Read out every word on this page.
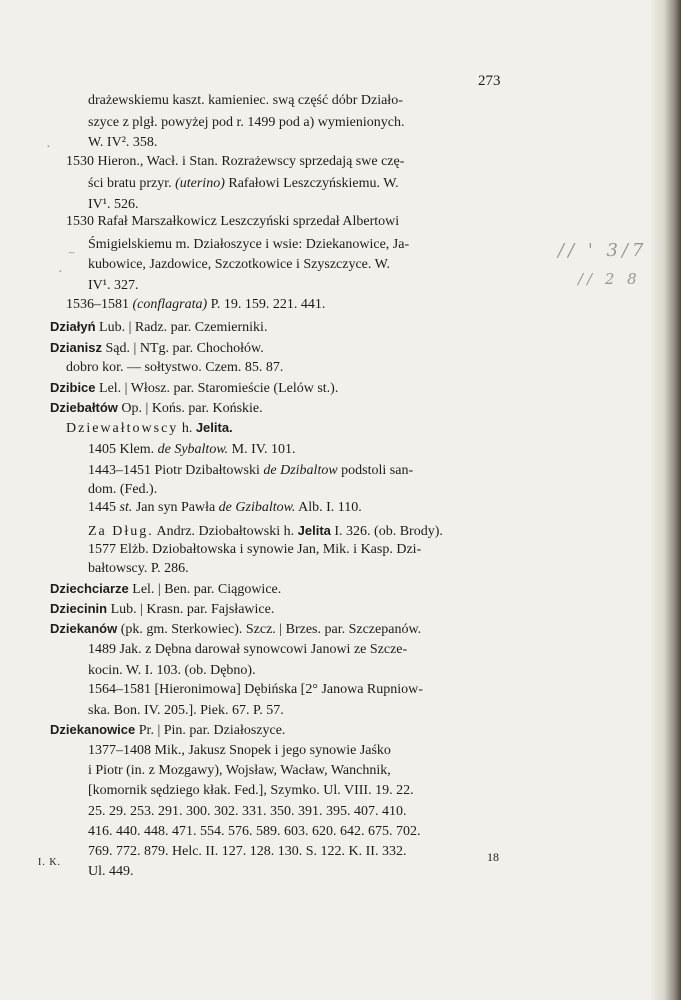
273
drażewskiemu kaszt. kamieniec. swą część dóbr Działo-
szyce z plgł. powyżej pod r. 1499 pod a) wymienionych.
W. IV². 358.
1530 Hieron., Wacł. i Stan. Rozrażewscy sprzedają swe czę-
ści bratu przyr. (uterino) Rafałowi Leszczyńskiemu. W.
IV¹. 526.
1530 Rafał Marszałkowicz Leszczyński sprzedał Albertowi
Śmigielskiemu m. Działoszyce i wsie: Dziekanowice, Ja-
kubowice, Jazdowice, Szczotkowice i Szyszczyce. W.
IV¹. 327.
1536–1581 (conflagrata) P. 19. 159. 221. 441.
Działyń Lub. | Radz. par. Czemierniki.
Dzianisz Sąd. | NTg. par. Chochołów.
dobro kor. — sołtystwo. Czem. 85. 87.
Dzibice Lel. | Włosz. par. Staromieście (Lelów st.).
Dziebałtów Op. | Końs. par. Końskie.
Dziewałtowscy h. Jelita.
1405 Klem. de Sybaltow. M. IV. 101.
1443–1451 Piotr Dzibałtowski de Dzibaltow podstoli san-
dom. (Fed.).
1445 st. Jan syn Pawła de Gzibaltow. Alb. I. 110.
Za Dług. Andrz. Dziobałtowski h. Jelita I. 326. (ob. Brody).
1577 Elżb. Dziobałtowska i synowie Jan, Mik. i Kasp. Dzi-
bałtowscy. P. 286.
Dziechciarze Lel. | Ben. par. Ciągowice.
Dziecinin Lub. | Krasn. par. Fajsławice.
Dziekanów (pk. gm. Sterkowiec). Szcz. | Brzes. par. Szczepanów.
1489 Jak. z Dębna darował synowcowi Janowi ze Szcze-
kocin. W. I. 103. (ob. Dębno).
1564–1581 [Hieronimowa] Dębińska [2° Janowa Rupniow-
ska. Bon. IV. 205.]. Piek. 67. P. 57.
Dziekanowice Pr. | Pin. par. Działoszyce.
1377–1408 Mik., Jakusz Snopek i jego synowie Jaśko
i Piotr (in. z Mozgawy), Wojsław, Wacław, Wanchnik,
[komornik sędziego kłak. Fed.], Szymko. Ul. VIII. 19. 22.
25. 29. 253. 291. 300. 302. 331. 350. 391. 395. 407. 410.
416. 440. 448. 471. 554. 576. 589. 603. 620. 642. 675. 702.
769. 772. 879. Helc. II. 127. 128. 130. S. 122. K. II. 332.
Ul. 449.
// ' 3/7
// 2 8
·
·
⁻
I. K.	18
